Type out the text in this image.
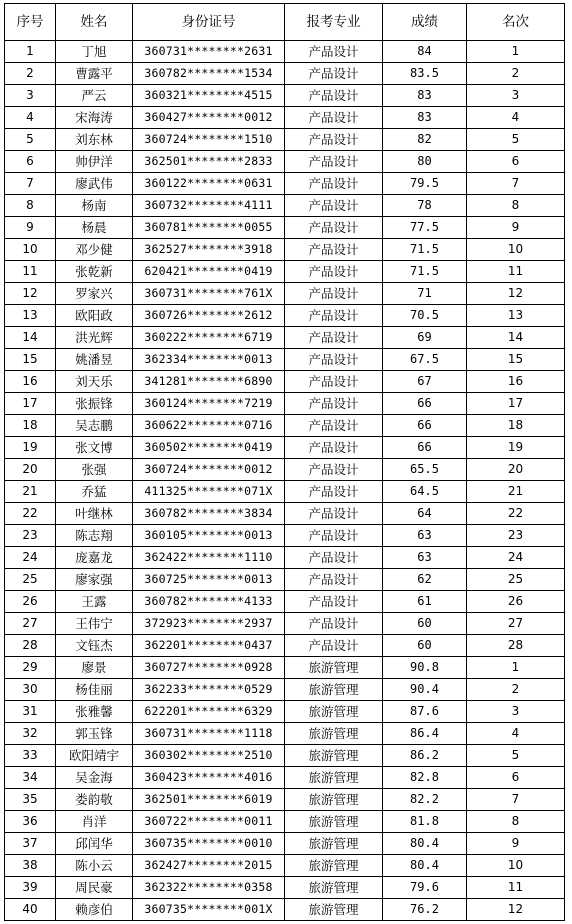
序号	姓名	身份证号	报考专业	成绩	名次
1	丁旭	360731********2631	产品设计	84	1
2	曹露平	360782********1534	产品设计	83.5	2
3	严云	360321********4515	产品设计	83	3
4	宋海涛	360427********0012	产品设计	83	4
5	刘东林	360724********1510	产品设计	82	5
6	帅伊洋	362501********2833	产品设计	80	6
7	廖武伟	360122********0631	产品设计	79.5	7
8	杨南	360732********4111	产品设计	78	8
9	杨晨	360781********0055	产品设计	77.5	9
10	邓少健	362527********3918	产品设计	71.5	10
11	张乾新	620421********0419	产品设计	71.5	11
12	罗家兴	360731********761X	产品设计	71	12
13	欧阳政	360726********2612	产品设计	70.5	13
14	洪光辉	360222********6719	产品设计	69	14
15	姚潘昱	362334********0013	产品设计	67.5	15
16	刘天乐	341281********6890	产品设计	67	16
17	张振锋	360124********7219	产品设计	66	17
18	吴志鹏	360622********0716	产品设计	66	18
19	张文博	360502********0419	产品设计	66	19
20	张强	360724********0012	产品设计	65.5	20
21	乔猛	411325********071X	产品设计	64.5	21
22	叶继林	360782********3834	产品设计	64	22
23	陈志翔	360105********0013	产品设计	63	23
24	庞嘉龙	362422********1110	产品设计	63	24
25	廖家强	360725********0013	产品设计	62	25
26	王露	360782********4133	产品设计	61	26
27	王伟宁	372923********2937	产品设计	60	27
28	文钰杰	362201********0437	产品设计	60	28
29	廖景	360727********0928	旅游管理	90.8	1
30	杨佳丽	362233********0529	旅游管理	90.4	2
31	张雅馨	622201********6329	旅游管理	87.6	3
32	郭玉锋	360731********1118	旅游管理	86.4	4
33	欧阳靖宇	360302********2510	旅游管理	86.2	5
34	吴金海	360423********4016	旅游管理	82.8	6
35	娄韵敬	362501********6019	旅游管理	82.2	7
36	肖洋	360722********0011	旅游管理	81.8	8
37	邱闰华	360735********0010	旅游管理	80.4	9
38	陈小云	362427********2015	旅游管理	80.4	10
39	周民豪	362322********0358	旅游管理	79.6	11
40	赖彦伯	360735********001X	旅游管理	76.2	12
